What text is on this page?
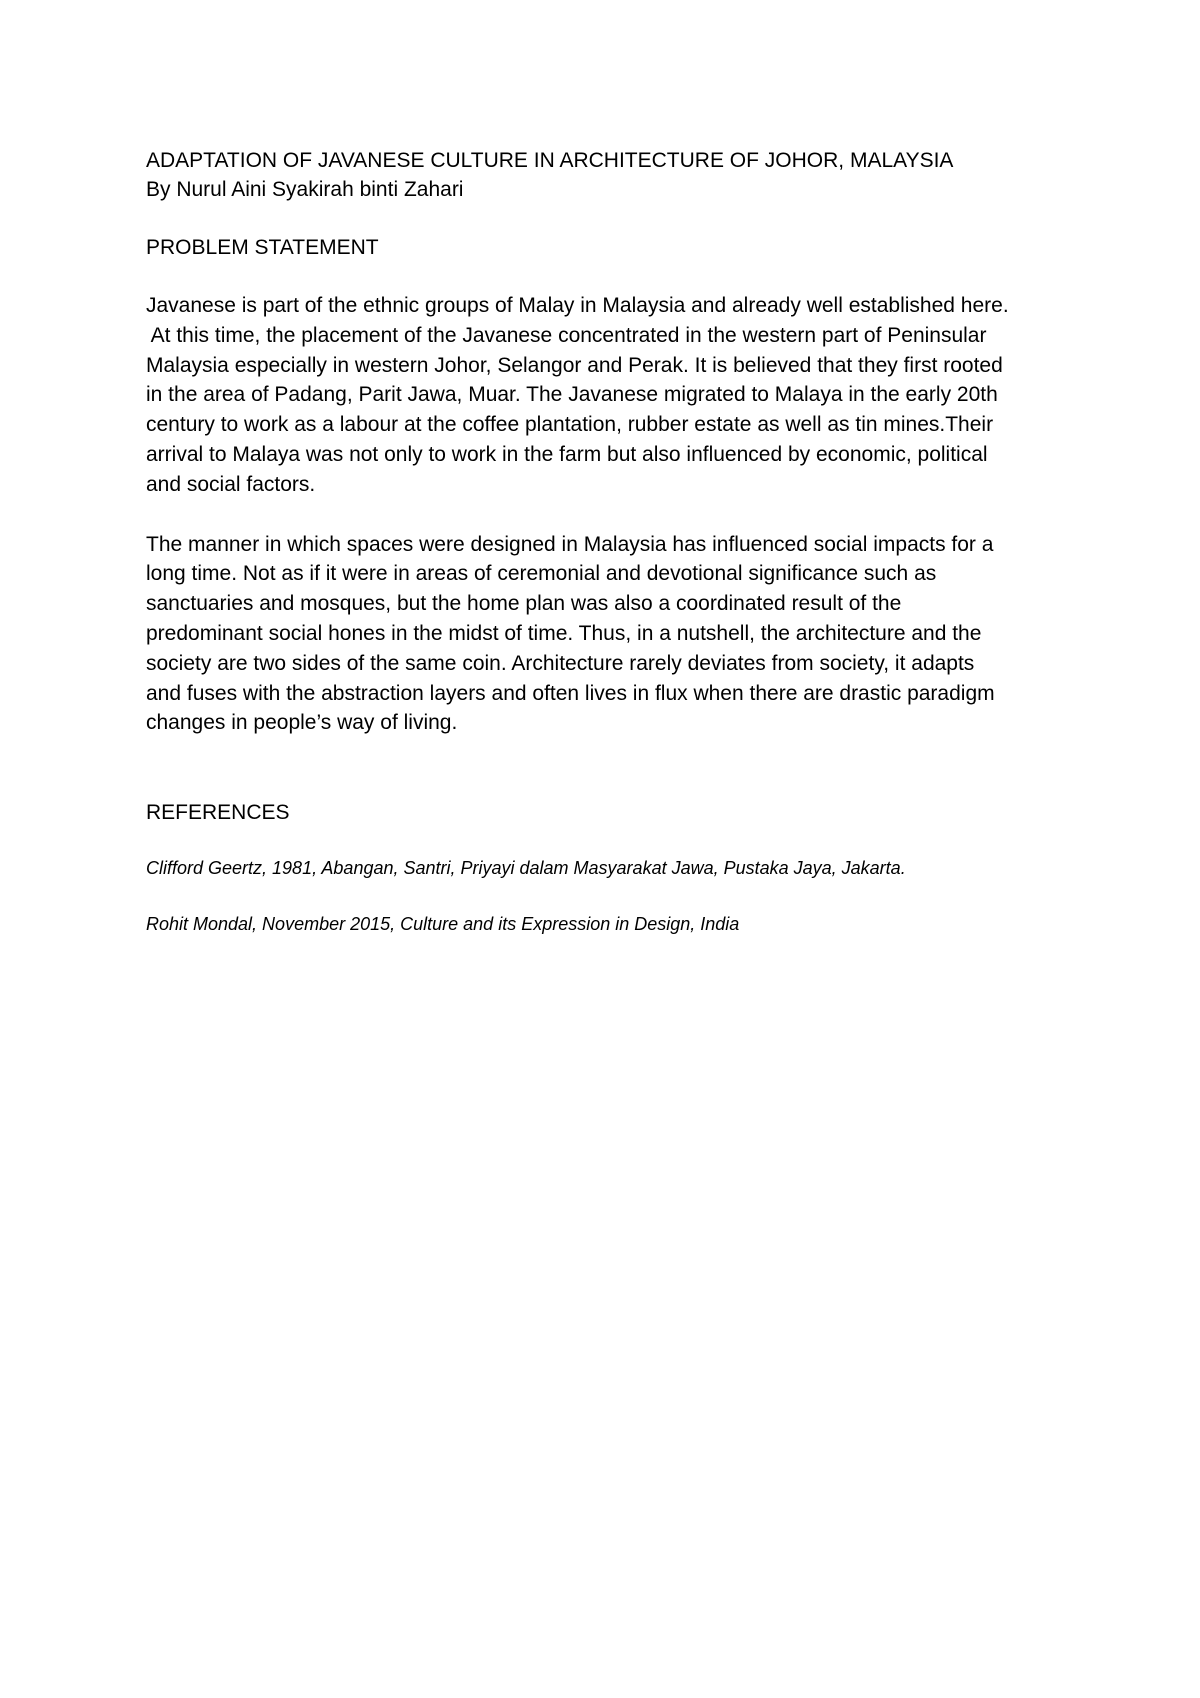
ADAPTATION OF JAVANESE CULTURE IN ARCHITECTURE OF JOHOR, MALAYSIA

By Nurul Aini Syakirah binti Zahari

PROBLEM STATEMENT

Javanese is part of the ethnic groups of Malay in Malaysia and already well established here.
At this time, the placement of the Javanese concentrated in the western part of Peninsular
Malaysia especially in western Johor, Selangor and Perak. It is believed that they first rooted
in the area of Padang, Parit Jawa, Muar. The Javanese migrated to Malaya in the early 20th
century to work as a labour at the coffee plantation, rubber estate as well as tin mines.Their
arrival to Malaya was not only to work in the farm but also influenced by economic, political
and social factors.

The manner in which spaces were designed in Malaysia has influenced social impacts for a
long time. Not as if it were in areas of ceremonial and devotional significance such as
sanctuaries and mosques, but the home plan was also a coordinated result of the
predominant social hones in the midst of time. Thus, in a nutshell, the architecture and the
society are two sides of the same coin. Architecture rarely deviates from society, it adapts
and fuses with the abstraction layers and often lives in flux when there are drastic paradigm
changes in people’s way of living.

REFERENCES

Clifford Geertz, 1981, Abangan, Santri, Priyayi dalam Masyarakat Jawa, Pustaka Jaya, Jakarta.

Rohit Mondal, November 2015, Culture and its Expression in Design, India
